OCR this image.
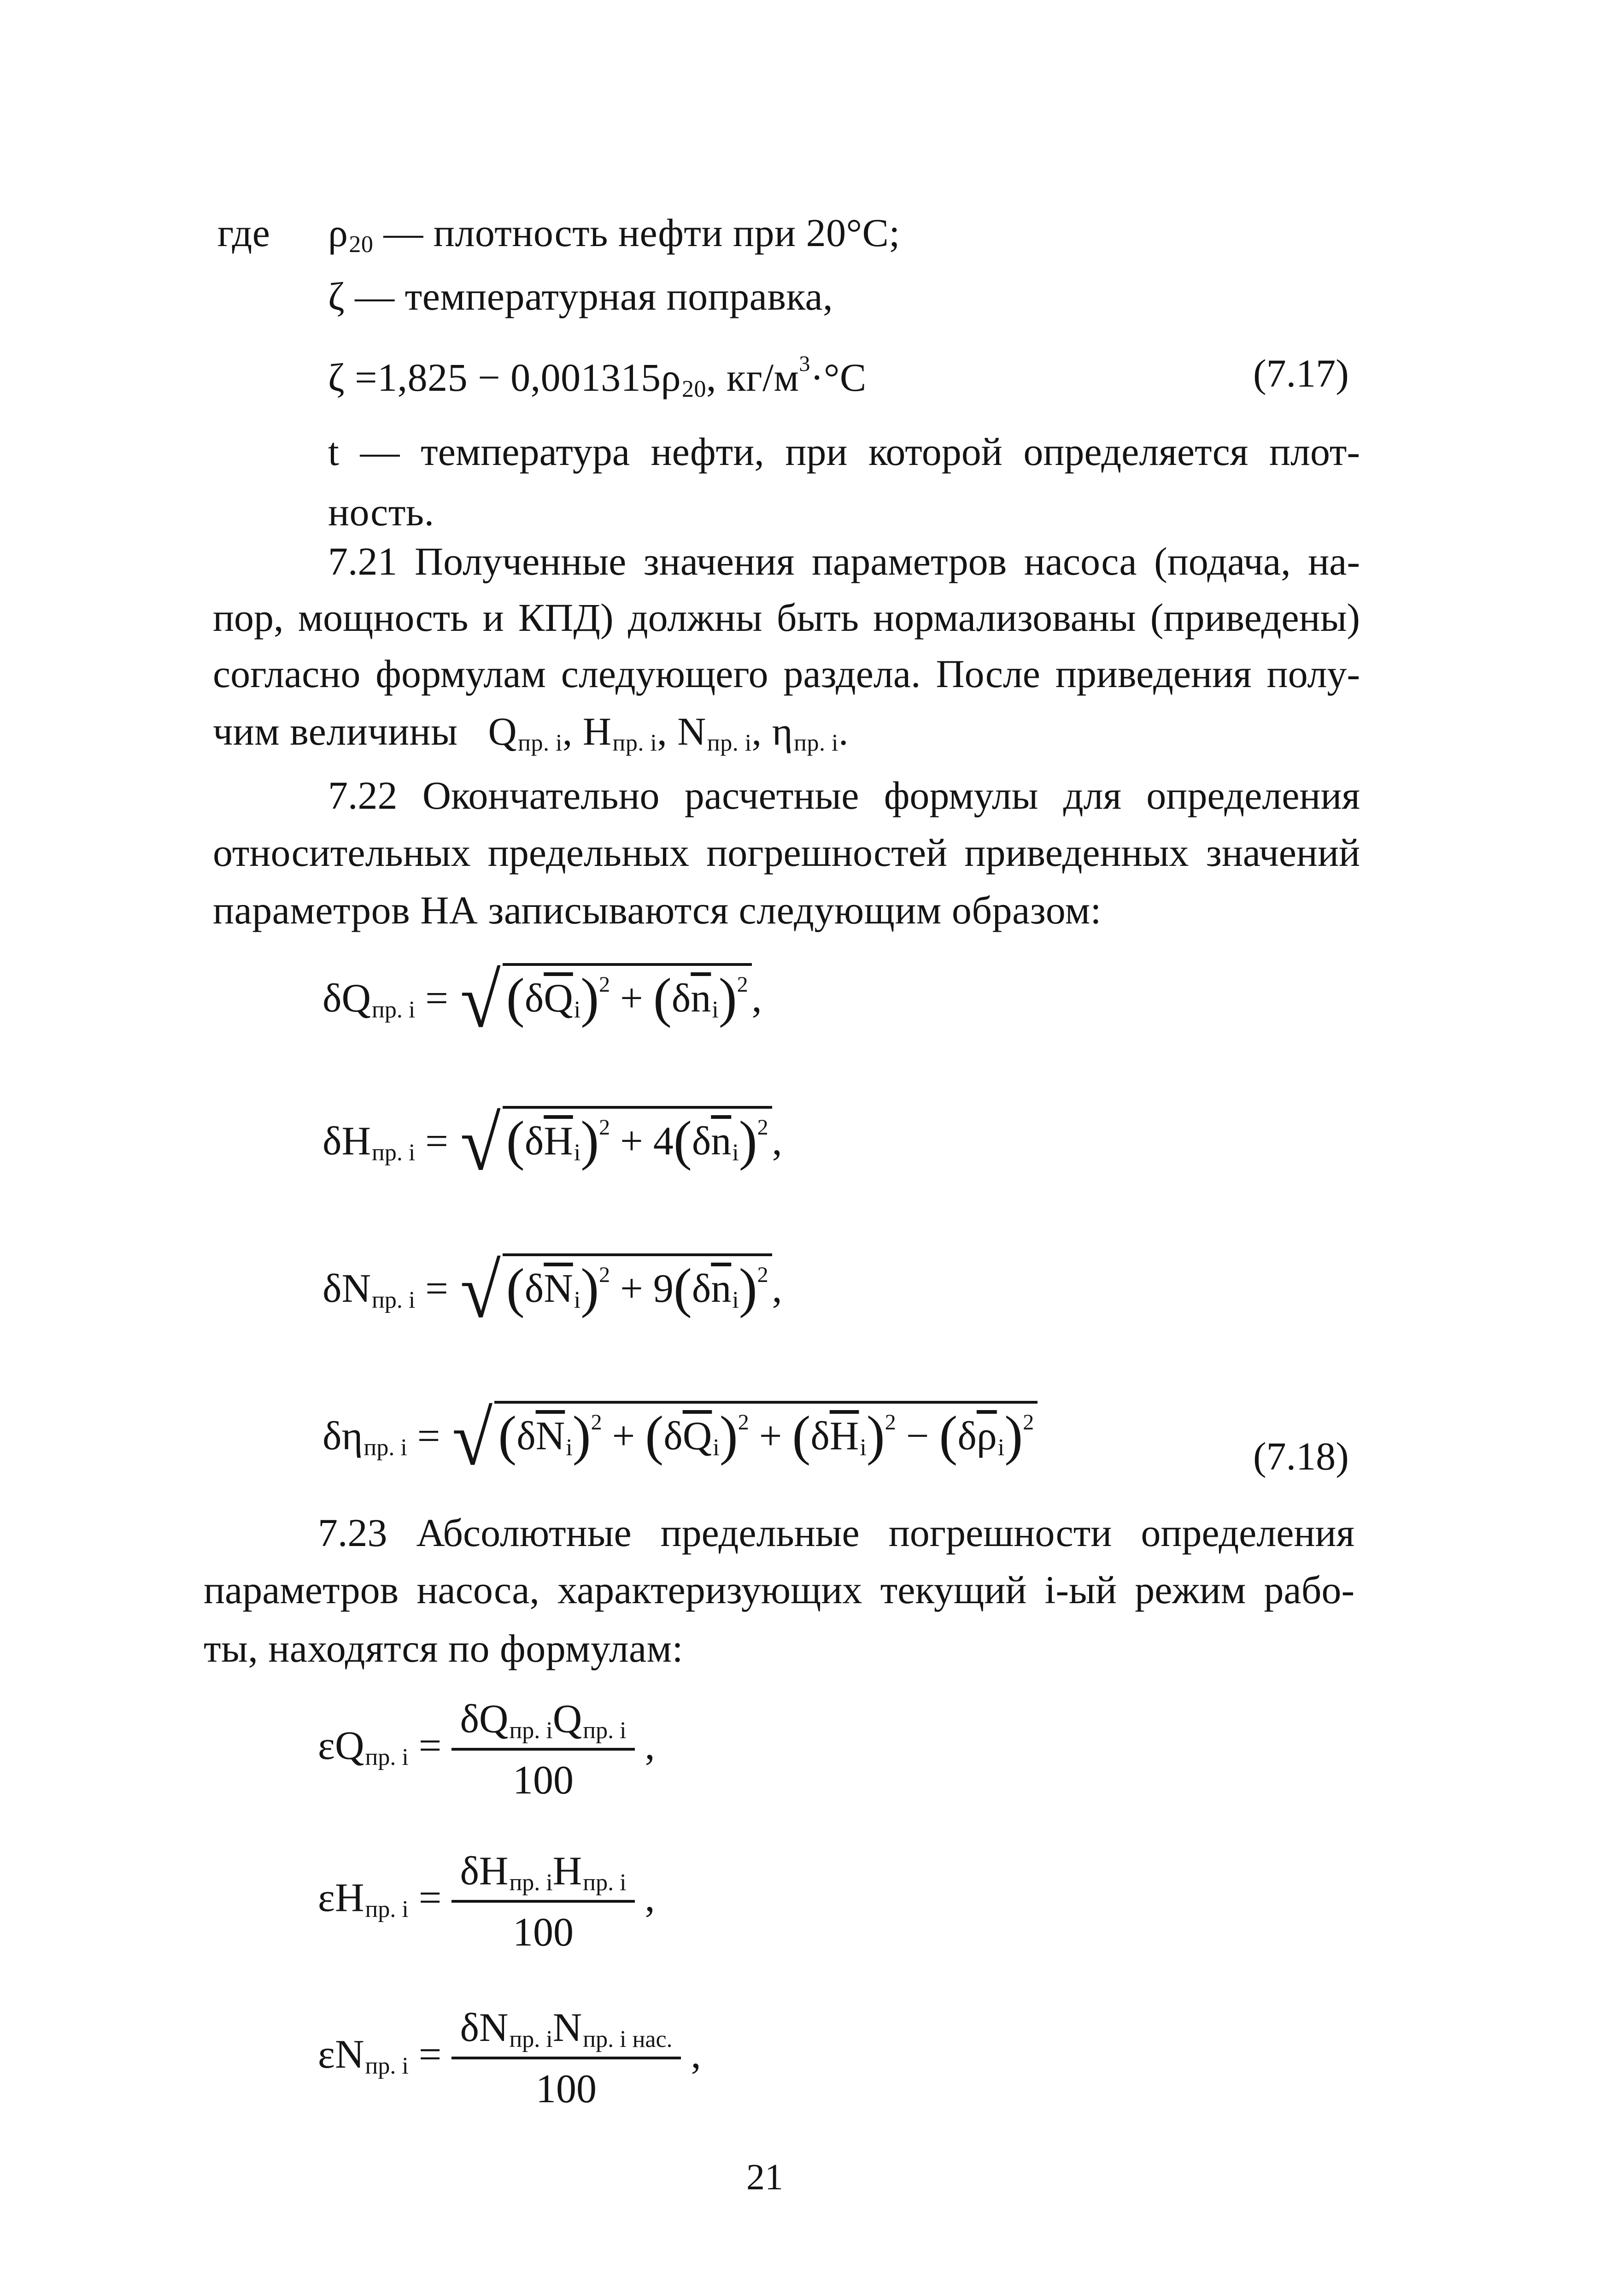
где $\rho_{20}$ — плотность нефти при 20°С;
ζ — температурная поправка,
$\zeta =1,825 - 0,001315\rho_{20}$, $кг/м^3\cdot^\circ С$	(7.17)
t — температура нефти, при которой определяется плот-
ность.
7.21 Полученные значения параметров насоса (подача, на-
пор, мощность и КПД) должны быть нормализованы (приведены)
согласно формулам следующего раздела. После приведения полу-
чим величины $Q_{пр. i}$, $H_{пр. i}$, $N_{пр. i}$, $\eta_{пр. i}$.
7.22 Окончательно расчетные формулы для определения
относительных предельных погрешностей приведенных значений
параметров НА записываются следующим образом:
$\delta Q_{пр. i}$ = √ $(\delta\overline{Q}_i)^2 + (\delta\overline{n}_i)^2$,
$\delta H_{пр. i}$ = √ $(\delta\overline{H}_i)^2 + 4(\delta\overline{n}_i)^2$,
$\delta N_{пр. i}$ = √ $(\delta\overline{N}_i)^2 + 9(\delta\overline{n}_i)^2$,
$\delta\eta_{пр. i}$ = √ $(\delta\overline{N}_i)^2 + (\delta\overline{Q}_i)^2 + (\delta\overline{H}_i)^2 - (\delta\overline{\rho}_i)^2$
(7.18)
7.23 Абсолютные предельные погрешности определения
параметров насоса, характеризующих текущий i-ый режим рабо-
ты, находятся по формулам:
$\varepsilon Q_{пр. i} = \frac{\delta Q_{пр. i}Q_{пр. i}}{100}$ ,
$\varepsilon H_{пр. i} = \frac{\delta H_{пр. i}H_{пр. i}}{100}$ ,
$\varepsilon N_{пр. i} = \frac{\delta N_{пр. i}N_{пр. i нас.}}{100}$ ,
21
